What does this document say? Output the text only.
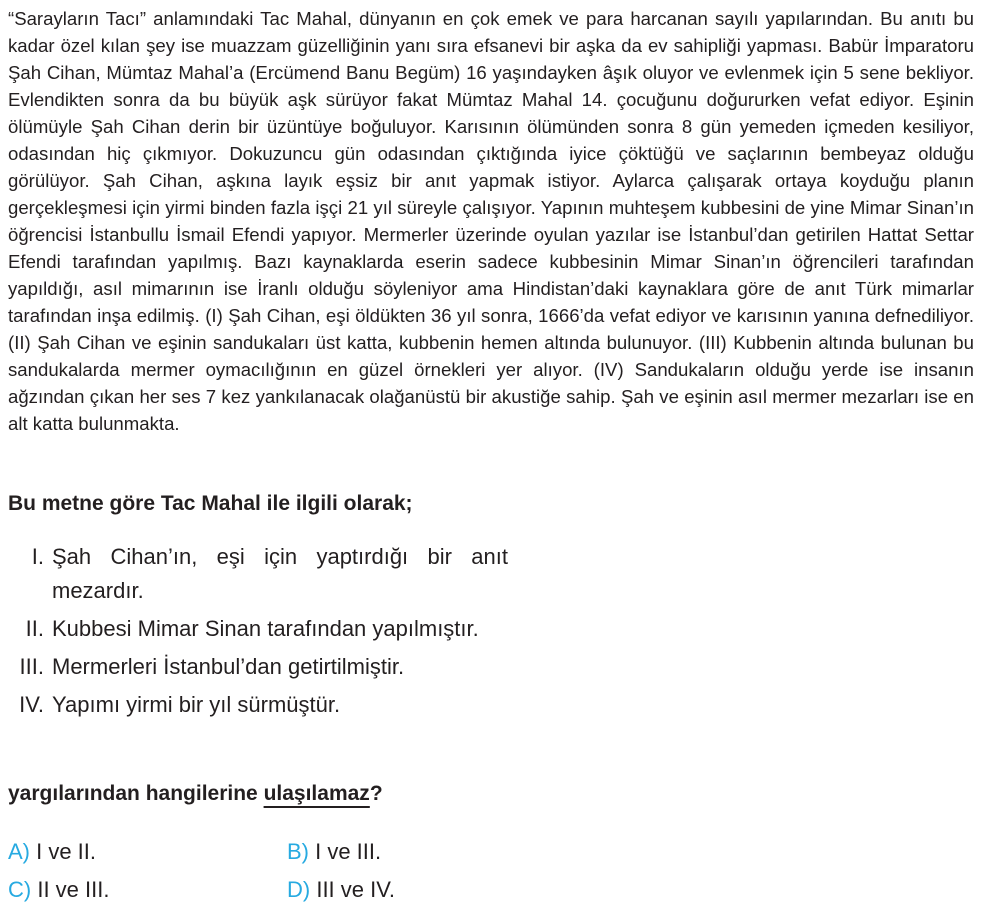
“Sarayların Tacı” anlamındaki Tac Mahal, dünyanın en çok emek ve para harcanan sayılı yapılarından. Bu anıtı bu kadar özel kılan şey ise muazzam güzelliğinin yanı sıra efsanevi bir aşka da ev sahipliği yapması. Babür İmparatoru Şah Cihan, Mümtaz Mahal’a (Ercümend Banu Begüm) 16 yaşındayken âşık oluyor ve evlenmek için 5 sene bekliyor. Evlendikten sonra da bu büyük aşk sürüyor fakat Mümtaz Mahal 14. çocuğunu doğururken vefat ediyor. Eşinin ölümüyle Şah Cihan derin bir üzüntüye boğuluyor. Karısının ölümünden sonra 8 gün yemeden içmeden kesiliyor, odasından hiç çıkmıyor. Dokuzuncu gün odasından çıktığında iyice çöktüğü ve saçlarının bembeyaz olduğu görülüyor. Şah Cihan, aşkına layık eşsiz bir anıt yapmak istiyor. Aylarca çalışarak ortaya koyduğu planın gerçekleşmesi için yirmi binden fazla işçi 21 yıl süreyle çalışıyor. Yapının muhteşem kubbesini de yine Mimar Sinan’ın öğrencisi İstanbullu İsmail Efendi yapıyor. Mermerler üzerinde oyulan yazılar ise İstanbul’dan getirilen Hattat Settar Efendi tarafından yapılmış. Bazı kaynaklarda eserin sadece kubbesinin Mimar Sinan’ın öğrencileri tarafından yapıldığı, asıl mimarının ise İranlı olduğu söyleniyor ama Hindistan’daki kaynaklara göre de anıt Türk mimarlar tarafından inşa edilmiş. (I) Şah Cihan, eşi öldükten 36 yıl sonra, 1666’da vefat ediyor ve karısının yanına defnediliyor. (II) Şah Cihan ve eşinin sandukaları üst katta, kubbenin hemen altında bulunuyor. (III) Kubbenin altında bulunan bu sandukalarda mermer oymacılığının en güzel örnekleri yer alıyor. (IV) Sandukaların olduğu yerde ise insanın ağzından çıkan her ses 7 kez yankılanacak olağanüstü bir akustiğe sahip. Şah ve eşinin asıl mermer mezarları ise en alt katta bulunmakta.

Bu metne göre Tac Mahal ile ilgili olarak;

I. Şah Cihan’ın, eşi için yaptırdığı bir anıt mezardır.
II. Kubbesi Mimar Sinan tarafından yapılmıştır.
III. Mermerleri İstanbul’dan getirtilmiştir.
IV. Yapımı yirmi bir yıl sürmüştür.

yargılarından hangilerine ulaşılamaz?

A) I ve II.	B) I ve III.
C) II ve III.	D) III ve IV.
